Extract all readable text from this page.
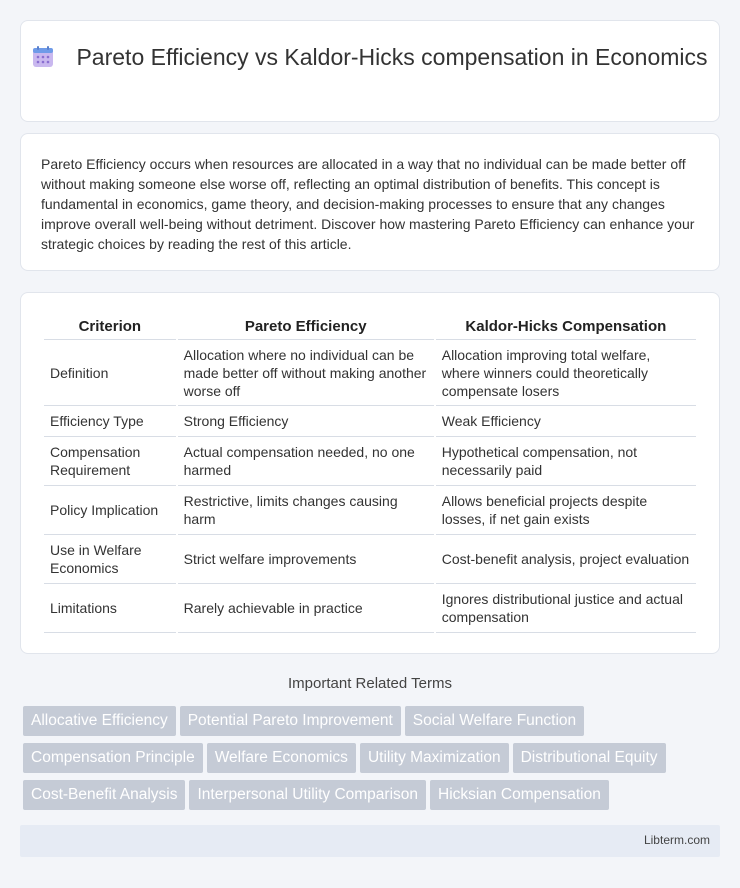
Pareto Efficiency vs Kaldor-Hicks compensation in Economics

Pareto Efficiency occurs when resources are allocated in a way that no individual can be made better off without making someone else worse off, reflecting an optimal distribution of benefits. This concept is fundamental in economics, game theory, and decision-making processes to ensure that any changes improve overall well-being without detriment. Discover how mastering Pareto Efficiency can enhance your strategic choices by reading the rest of this article.

Criterion	Pareto Efficiency	Kaldor-Hicks Compensation
Definition	Allocation where no individual can be made better off without making another worse off	Allocation improving total welfare, where winners could theoretically compensate losers
Efficiency Type	Strong Efficiency	Weak Efficiency
Compensation Requirement	Actual compensation needed, no one harmed	Hypothetical compensation, not necessarily paid
Policy Implication	Restrictive, limits changes causing harm	Allows beneficial projects despite losses, if net gain exists
Use in Welfare Economics	Strict welfare improvements	Cost-benefit analysis, project evaluation
Limitations	Rarely achievable in practice	Ignores distributional justice and actual compensation
Important Related Terms
Allocative Efficiency Potential Pareto Improvement Social Welfare Function
Compensation Principle Welfare Economics Utility Maximization Distributional Equity
Cost-Benefit Analysis Interpersonal Utility Comparison Hicksian Compensation
Libterm.com
